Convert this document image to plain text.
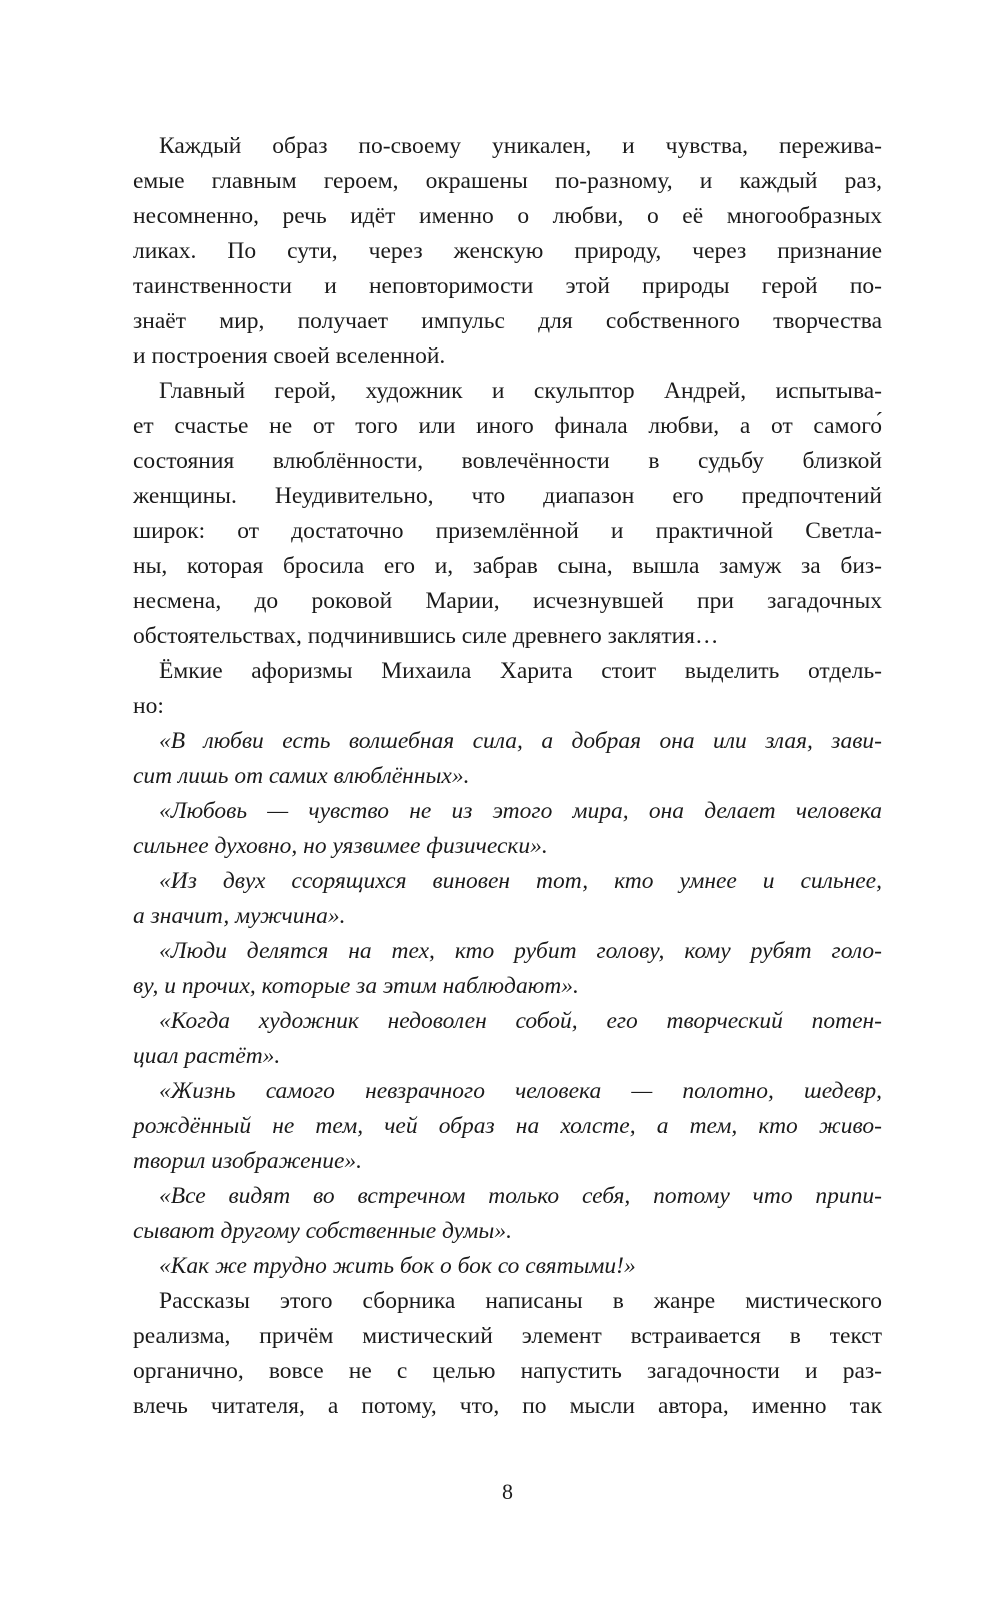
Каждый образ по-своему уникален, и чувства, пережива-
емые главным героем, окрашены по-разному, и каждый раз,
несомненно, речь идёт именно о любви, о её многообразных
ликах. По сути, через женскую природу, через признание
таинственности и неповторимости этой природы герой по-
знаёт мир, получает импульс для собственного творчества
и построения своей вселенной.
Главный герой, художник и скульптор Андрей, испытыва-
ет счастье не от того или иного финала любви, а от самого́
состояния влюблённости, вовлечённости в судьбу близкой
женщины. Неудивительно, что диапазон его предпочтений
широк: от достаточно приземлённой и практичной Светла-
ны, которая бросила его и, забрав сына, вышла замуж за биз-
несмена, до роковой Марии, исчезнувшей при загадочных
обстоятельствах, подчинившись силе древнего заклятия…
Ёмкие афоризмы Михаила Харита стоит выделить отдель-
но:
«В любви есть волшебная сила, а добрая она или злая, зави-
сит лишь от самих влюблённых».
«Любовь — чувство не из этого мира, она делает человека
сильнее духовно, но уязвимее физически».
«Из двух ссорящихся виновен тот, кто умнее и сильнее,
а значит, мужчина».
«Люди делятся на тех, кто рубит голову, кому рубят голо-
ву, и прочих, которые за этим наблюдают».
«Когда художник недоволен собой, его творческий потен-
циал растёт».
«Жизнь самого невзрачного человека — полотно, шедевр,
рождённый не тем, чей образ на холсте, а тем, кто живо-
творил изображение».
«Все видят во встречном только себя, потому что припи-
сывают другому собственные думы».
«Как же трудно жить бок о бок со святыми!»
Рассказы этого сборника написаны в жанре мистического
реализма, причём мистический элемент встраивается в текст
органично, вовсе не с целью напустить загадочности и раз-
влечь читателя, а потому, что, по мысли автора, именно так
8
